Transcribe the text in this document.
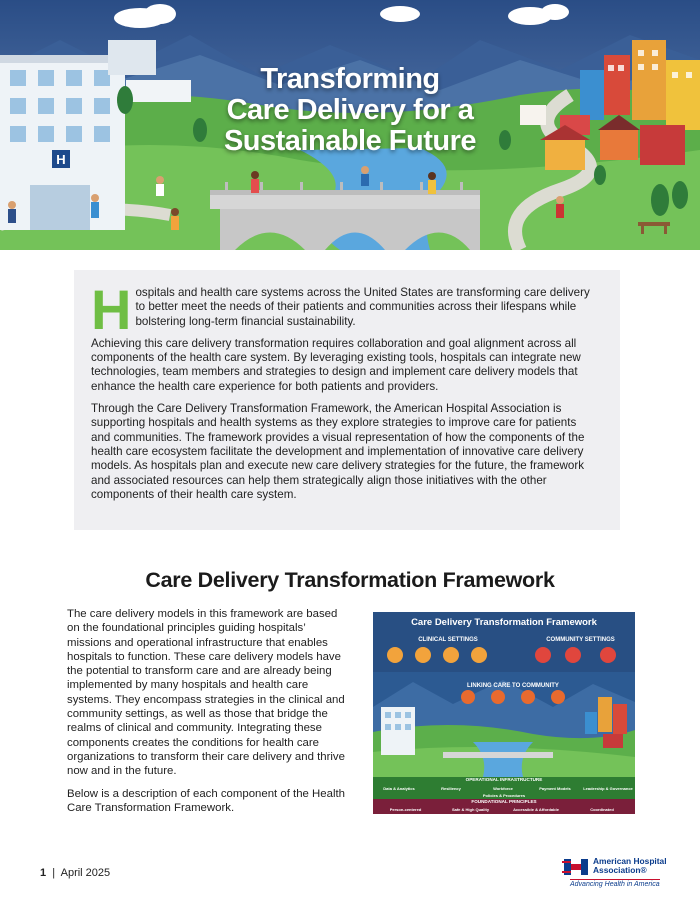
H
Transforming
Care Delivery for a
Sustainable Future

H ospitals and health care systems across the United States are transforming care delivery to better meet the needs of their patients and communities across their lifespans while bolstering long-term financial sustainability.

Achieving this care delivery transformation requires collaboration and goal alignment across all components of the health care system. By leveraging existing tools, hospitals can integrate new technologies, team members and strategies to design and implement care delivery models that enhance the health care experience for both patients and providers.

Through the Care Delivery Transformation Framework, the American Hospital Association is supporting hospitals and health systems as they explore strategies to improve care for patients and communities. The framework provides a visual representation of how the components of the health care ecosystem facilitate the development and implementation of innovative care delivery models. As hospitals plan and execute new care delivery strategies for the future, the framework and associated resources can help them strategically align those initiatives with the other components of their health care system.

Care Delivery Transformation Framework

The care delivery models in this framework are based on the foundational principles guiding hospitals’ missions and operational infrastructure that enables hospitals to function. These care delivery models have the potential to transform care and are already being implemented by many hospitals and health care systems. They encompass strategies in the clinical and community settings, as well as those that bridge the realms of clinical and community. Integrating these components creates the conditions for health care organizations to transform their care delivery and thrive now and in the future.

Below is a description of each component of the Health Care Transformation Framework.

Care Delivery Transformation Framework
CLINICAL SETTINGS	COMMUNITY SETTINGS
LINKING CARE TO COMMUNITY
OPERATIONAL INFRASTRUCTURE
Data & Analytics	Resiliency	Workforce	Payment Models	Leadership & Governance
Policies & Procedures
FOUNDATIONAL PRINCIPLES
Person-centered	Safe & High Quality	Accessible & Affordable	Coordinated
1 | April 2025
American Hospital
Association®
Advancing Health in America
